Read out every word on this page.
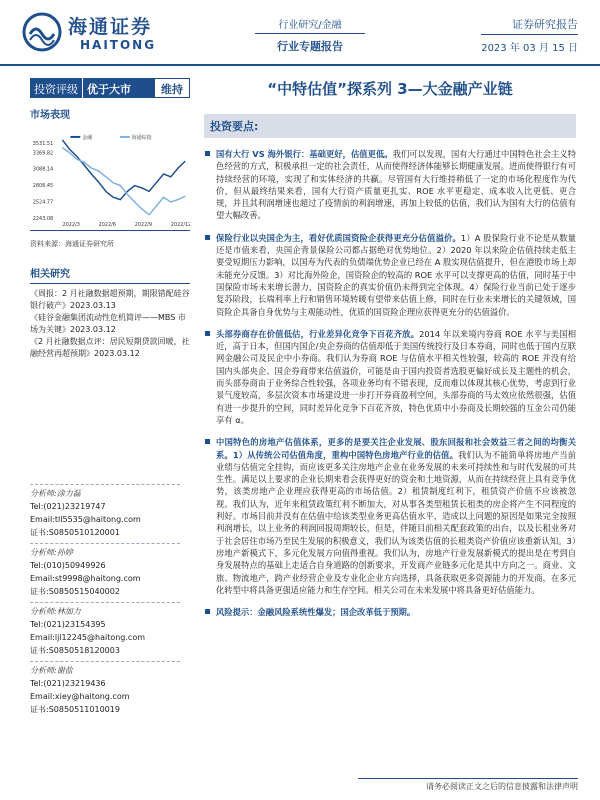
海通证券
HAITONG
行业研究/金融
行业专题报告
证券研究报告
2023 年 03 月 15 日
投资评级 优于大市	维持
市场表现
金融	海通综指
3531.51
3369.82
3088.14
2806.45
2524.77
2243.08
2022/3	2022/6	2022/9	2022/12
资料来源：海通证券研究所
相关研究
《周报：2 月社融数据超预期，期限错配硅谷银行破产》2023.03.13
《硅谷金融集团流动性危机简评——MBS 市场为关键》2023.03.12
《2 月社融数据点评：居民短期贷款回暖，社融经营再超预期》2023.03.12
分析师:涂力磊
Tel:(021)23219747
Email:tll5535@haitong.com
证书:S0850510120001
分析师:孙婷
Tel:(010)50949926
Email:st9998@haitong.com
证书:S0850515040002
分析师:林加力
Tel:(021)23154395
Email:ljl12245@haitong.com
证书:S0850518120003
分析师:谢盐
Tel:(021)23219436
Email:xiey@haitong.com
证书:S0850511010019
“中特估值”探系列 3—大金融产业链
投资要点:
国有大行 VS 海外银行：基础更好，估值更低。我们可以发现，国有大行通过中国特色社会主义特色经营的方式，积极承担一定的社会责任，从而使得经济体能够长期健康发展。进而使得银行有可持续经营的环境，实现了和实体经济的共赢。尽管国有大行维持稍低了一定的市场化程度作为代价，但从最终结果来看，国有大行资产质量更扎实、ROE 水平更稳定、成本收入比更低、更合规，并且其利润增速也超过了疫情前的利润增速，再加上较低的估值，我们认为国有大行的估值有望大幅改善。
保险行业以央国企为主，看好优质国资险企获得更充分估值溢价。1）A 股保险行业不论是从数量还是市值来看，央国企背景保险公司都占据绝对优势地位。2）2020 年以来险企估值持续走低主要受短期压力影响，以国寿为代表的负债端优势企业已经在 A 股实现估值提升，但在港股市场上却未能充分反馈。3）对比海外险企，国资险企的较高的 ROE 水平可以支撑更高的估值，同时基于中国保险市场未来增长潜力，国资险企的真实价值仍未得到完全体现。4）保险行业当前已处于逐步复苏阶段，长端利率上行和销售环境转暖有望带来估值上修，同时在行业未来增长的关键领域，国资险企具备自身优势与主观能动性，优质的国资险企理应获得更充分的估值溢价。
头部券商存在价值低估，行业差异化竞争下百花齐放。2014 年以来境内券商 ROE 水平与美国相近，高于日本，但国内国企/央企券商的估值却低于美国传统投行及日本券商，同时也低于国内互联网金融公司及民企中小券商。我们认为券商 ROE 与估值水平相关性较强，较高的 ROE 并没有给国内头部央企、国企券商带来估值溢价，可能是由于国内投资者选股更偏好成长及主题性的机会，而头部券商由于业务综合性较强，各项业务均有不错表现，反而难以体现其核心优势，考虑到行业景气度较高，多层次资本市场建设进一步打开券商盈利空间，头部券商的马太效应依然很强，估值有进一步提升的空间，同时差异化竞争下百花齐放，特色优质中小券商及长期较强的互金公司仍能享有 α。
中国特色的房地产估值体系，更多的是要关注企业发展、股东回报和社会效益三者之间的均衡关系。1）从传统公司估值角度，重构中国特色房地产行业的估值。我们认为不能简单将房地产当前业绩与估值完全挂钩，而应该更多关注房地产企业在业务发展的未来可持续性和与时代发展的可共生性。满足以上要求的企业长期来看会获得更好的资金和土地资源，从而在持续经营上具有竞争优势，该类房地产企业理应获得更高的市场估值。2）租赁制度红利下，租赁资产价值不应该被忽视。我们认为，近年来租赁政策红利不断加大，对从事各类型租赁长租类的房企将产生不同程度的利好。市场目前并没有在估值中给该类型业务更高估值水平，造成以上问题的原因是如果完全按照利润增长，以上业务的利润回报周期较长，但是，伴随目前相关配套政策的出台，以及长租业务对于社会居住市场乃至民生发展的积极意义，我们认为该类估值的长租类资产价值应该重新认知。3）房地产新模式下，多元化发展方向值得重视。我们认为，房地产行业发展新模式的提出是在考到自身发展特点的基础上走适合自身道路的创新要求，开发商产业链多元化是其中方向之一。商业、文旅、物流地产，跨产业经营企业及专业化企业方向选择，具备获取更多资源能力的开发商，在多元化转型中将具备更强适应能力和生存空间。相关公司在未来发展中将具备更好估值能力。
风险提示：金融风险系统性爆发；国企改革低于预期。
请务必阅读正文之后的信息披露和法律声明
